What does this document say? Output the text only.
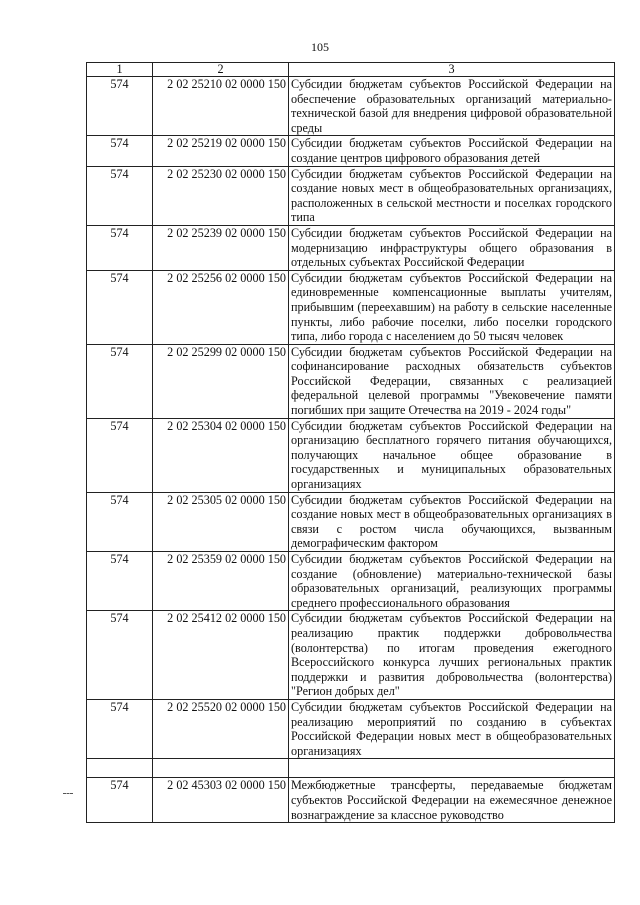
105
1	2	3
574	2 02 25210 02 0000 150	Субсидии бюджетам субъектов Российской Федерации на обеспечение образовательных организаций материально-технической базой для внедрения цифровой образовательной среды
574	2 02 25219 02 0000 150	Субсидии бюджетам субъектов Российской Федерации на создание центров цифрового образования детей
574	2 02 25230 02 0000 150	Субсидии бюджетам субъектов Российской Федерации на создание новых мест в общеобразовательных организациях, расположенных в сельской местности и поселках городского типа
574	2 02 25239 02 0000 150	Субсидии бюджетам субъектов Российской Федерации на модернизацию инфраструктуры общего образования в отдельных субъектах Российской Федерации
574	2 02 25256 02 0000 150	Субсидии бюджетам субъектов Российской Федерации на единовременные компенсационные выплаты учителям, прибывшим (переехавшим) на работу в сельские населенные пункты, либо рабочие поселки, либо поселки городского типа, либо города с населением до 50 тысяч человек
574	2 02 25299 02 0000 150	Субсидии бюджетам субъектов Российской Федерации на софинансирование расходных обязательств субъектов Российской Федерации, связанных с реализацией федеральной целевой программы "Увековечение памяти погибших при защите Отечества на 2019 - 2024 годы"
574	2 02 25304 02 0000 150	Субсидии бюджетам субъектов Российской Федерации на организацию бесплатного горячего питания обучающихся, получающих начальное общее образование в государственных и муниципальных образовательных организациях
574	2 02 25305 02 0000 150	Субсидии бюджетам субъектов Российской Федерации на создание новых мест в общеобразовательных организациях в связи с ростом числа обучающихся, вызванным демографическим фактором
574	2 02 25359 02 0000 150	Субсидии бюджетам субъектов Российской Федерации на создание (обновление) материально-технической базы образовательных организаций, реализующих программы среднего профессионального образования
574	2 02 25412 02 0000 150	Субсидии бюджетам субъектов Российской Федерации на реализацию практик поддержки добровольчества (волонтерства) по итогам проведения ежегодного Всероссийского конкурса лучших региональных практик поддержки и развития добровольчества (волонтерства) "Регион добрых дел"
574	2 02 25520 02 0000 150	Субсидии бюджетам субъектов Российской Федерации на реализацию мероприятий по созданию в субъектах Российской Федерации новых мест в общеобразовательных организациях

574	2 02 45303 02 0000 150	Межбюджетные трансферты, передаваемые бюджетам субъектов Российской Федерации на ежемесячное денежное вознаграждение за классное руководство
